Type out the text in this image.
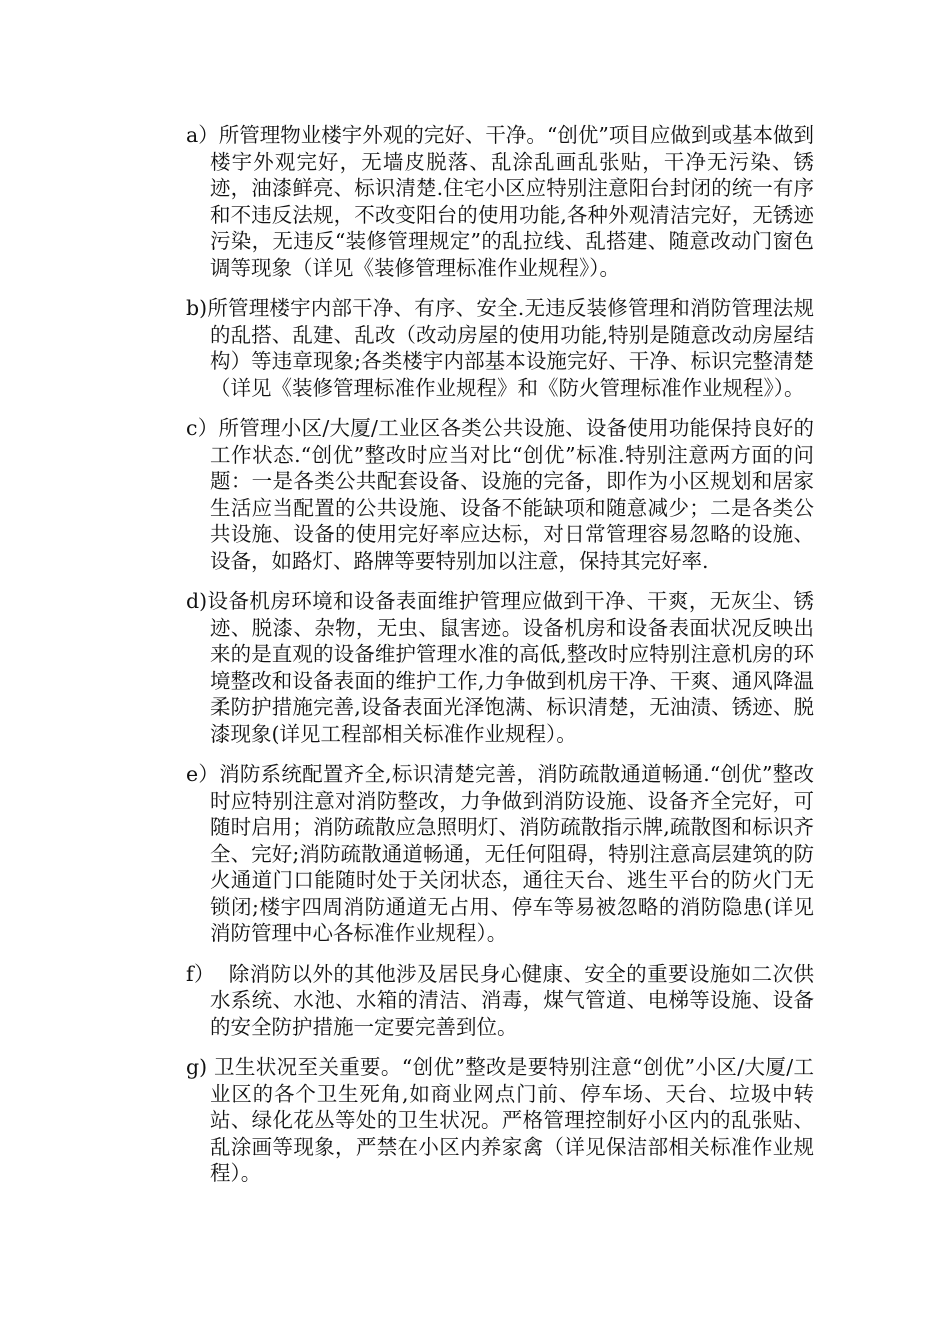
a）所管理物业楼宇外观的完好、干净。“创优”项目应做到或基本做到楼宇外观完好，无墙皮脱落、乱涂乱画乱张贴，干净无污染、锈迹，油漆鲜亮、标识清楚.住宅小区应特别注意阳台封闭的统一有序和不违反法规，不改变阳台的使用功能,各种外观清洁完好，无锈迹污染，无违反“装修管理规定”的乱拉线、乱搭建、随意改动门窗色调等现象（详见《装修管理标准作业规程》）。

b)所管理楼宇内部干净、有序、安全.无违反装修管理和消防管理法规的乱搭、乱建、乱改（改动房屋的使用功能,特别是随意改动房屋结构）等违章现象;各类楼宇内部基本设施完好、干净、标识完整清楚（详见《装修管理标准作业规程》和《防火管理标准作业规程》）。

c）所管理小区/大厦/工业区各类公共设施、设备使用功能保持良好的工作状态.“创优”整改时应当对比“创优”标准.特别注意两方面的问题：一是各类公共配套设备、设施的完备，即作为小区规划和居家生活应当配置的公共设施、设备不能缺项和随意减少；二是各类公共设施、设备的使用完好率应达标，对日常管理容易忽略的设施、设备，如路灯、路牌等要特别加以注意，保持其完好率.

d)设备机房环境和设备表面维护管理应做到干净、干爽，无灰尘、锈迹、脱漆、杂物，无虫、鼠害迹。设备机房和设备表面状况反映出来的是直观的设备维护管理水准的高低,整改时应特别注意机房的环境整改和设备表面的维护工作,力争做到机房干净、干爽、通风降温柔防护措施完善,设备表面光泽饱满、标识清楚，无油渍、锈迹、脱漆现象(详见工程部相关标准作业规程）。

e）消防系统配置齐全,标识清楚完善，消防疏散通道畅通.“创优”整改时应特别注意对消防整改，力争做到消防设施、设备齐全完好，可随时启用；消防疏散应急照明灯、消防疏散指示牌,疏散图和标识齐全、完好;消防疏散通道畅通，无任何阻碍，特别注意高层建筑的防火通道门口能随时处于关闭状态，通往天台、逃生平台的防火门无锁闭;楼宇四周消防通道无占用、停车等易被忽略的消防隐患(详见消防管理中心各标准作业规程）。

f）  除消防以外的其他涉及居民身心健康、安全的重要设施如二次供水系统、水池、水箱的清洁、消毒，煤气管道、电梯等设施、设备的安全防护措施一定要完善到位。

g) 卫生状况至关重要。“创优”整改是要特别注意“创优”小区/大厦/工业区的各个卫生死角,如商业网点门前、停车场、天台、垃圾中转站、绿化花丛等处的卫生状况。严格管理控制好小区内的乱张贴、乱涂画等现象，严禁在小区内养家禽（详见保洁部相关标准作业规程）。
